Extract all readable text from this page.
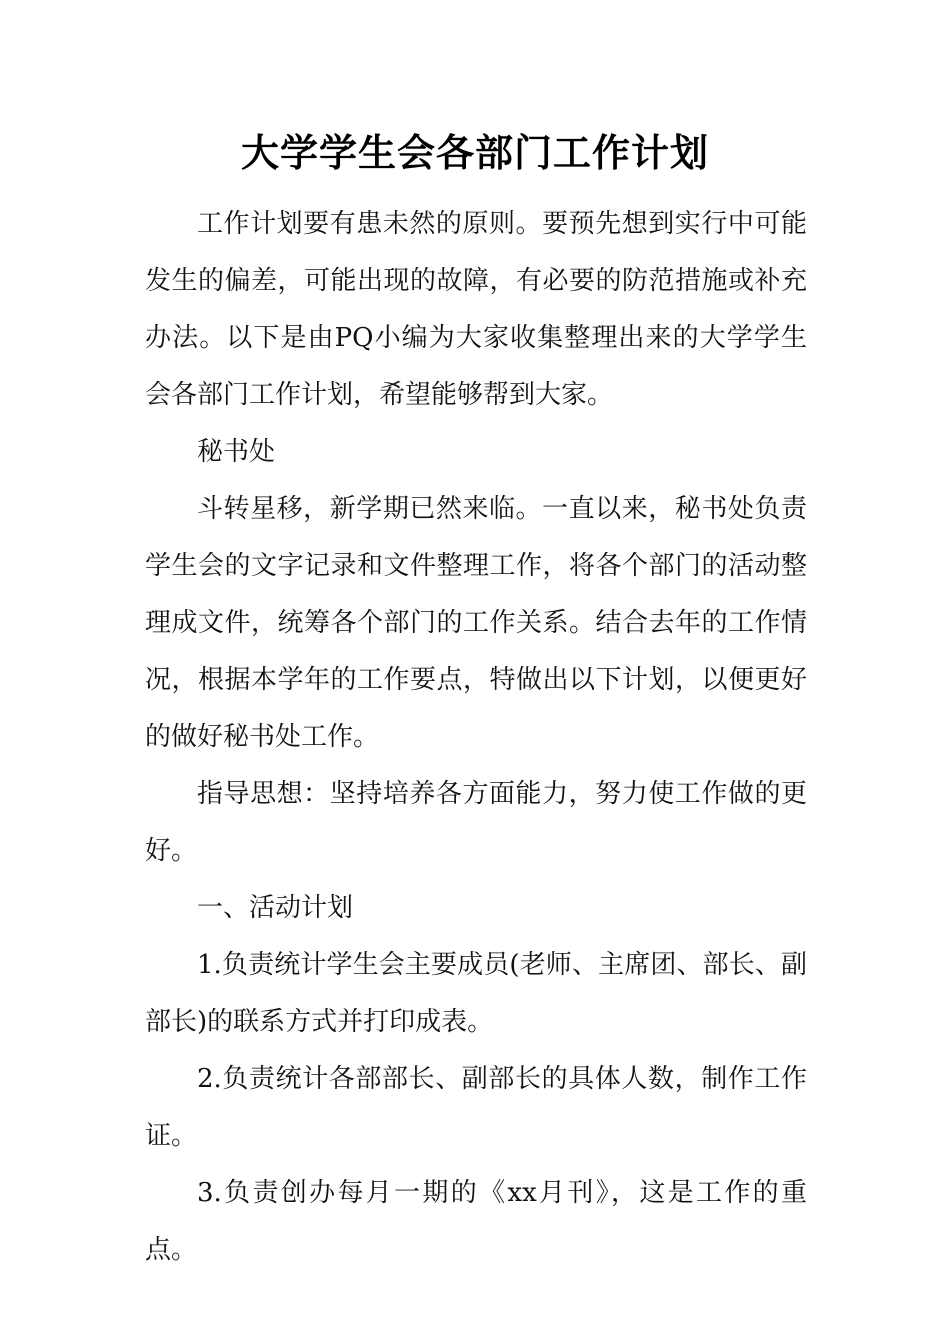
大学学生会各部门工作计划

工作计划要有患未然的原则。要预先想到实行中可能发生的偏差，可能出现的故障，有必要的防范措施或补充办法。以下是由PQ小编为大家收集整理出来的大学学生会各部门工作计划，希望能够帮到大家。

秘书处

斗转星移，新学期已然来临。一直以来，秘书处负责学生会的文字记录和文件整理工作，将各个部门的活动整理成文件，统筹各个部门的工作关系。结合去年的工作情况，根据本学年的工作要点，特做出以下计划，以便更好的做好秘书处工作。

指导思想：坚持培养各方面能力，努力使工作做的更好。

一、活动计划

1.负责统计学生会主要成员(老师、主席团、部长、副部长)的联系方式并打印成表。

2.负责统计各部部长、副部长的具体人数，制作工作证。

3.负责创办每月一期的《xx月刊》，这是工作的重点。
